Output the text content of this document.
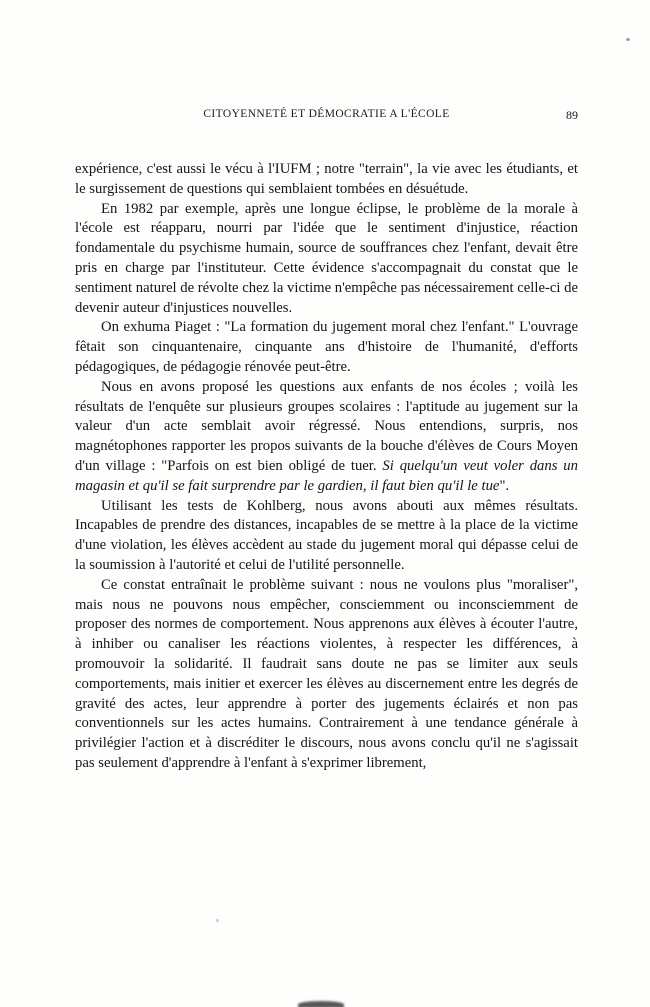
CITOYENNETÉ ET DÉMOCRATIE A L'ÉCOLE	89

expérience, c'est aussi le vécu à l'IUFM ; notre "terrain", la vie avec les étudiants, et le surgissement de questions qui semblaient tombées en désuétude.

En 1982 par exemple, après une longue éclipse, le problème de la morale à l'école est réapparu, nourri par l'idée que le sentiment d'injustice, réaction fondamentale du psychisme humain, source de souffrances chez l'enfant, devait être pris en charge par l'instituteur. Cette évidence s'accompagnait du constat que le sentiment naturel de révolte chez la victime n'empêche pas nécessairement celle-ci de devenir auteur d'injustices nouvelles.

On exhuma Piaget : "La formation du jugement moral chez l'enfant." L'ouvrage fêtait son cinquantenaire, cinquante ans d'histoire de l'humanité, d'efforts pédagogiques, de pédagogie rénovée peut-être.

Nous en avons proposé les questions aux enfants de nos écoles ; voilà les résultats de l'enquête sur plusieurs groupes scolaires : l'aptitude au jugement sur la valeur d'un acte semblait avoir régressé. Nous entendions, surpris, nos magnétophones rapporter les propos suivants de la bouche d'élèves de Cours Moyen d'un village : "Parfois on est bien obligé de tuer. Si quelqu'un veut voler dans un magasin et qu'il se fait surprendre par le gardien, il faut bien qu'il le tue".

Utilisant les tests de Kohlberg, nous avons abouti aux mêmes résultats. Incapables de prendre des distances, incapables de se mettre à la place de la victime d'une violation, les élèves accèdent au stade du jugement moral qui dépasse celui de la soumission à l'autorité et celui de l'utilité personnelle.

Ce constat entraînait le problème suivant : nous ne voulons plus "moraliser", mais nous ne pouvons nous empêcher, consciemment ou inconsciemment de proposer des normes de comportement. Nous apprenons aux élèves à écouter l'autre, à inhiber ou canaliser les réactions violentes, à respecter les différences, à promouvoir la solidarité. Il faudrait sans doute ne pas se limiter aux seuls comportements, mais initier et exercer les élèves au discernement entre les degrés de gravité des actes, leur apprendre à porter des jugements éclairés et non pas conventionnels sur les actes humains. Contrairement à une tendance générale à privilégier l'action et à discréditer le discours, nous avons conclu qu'il ne s'agissait pas seulement d'apprendre à l'enfant à s'exprimer librement,
